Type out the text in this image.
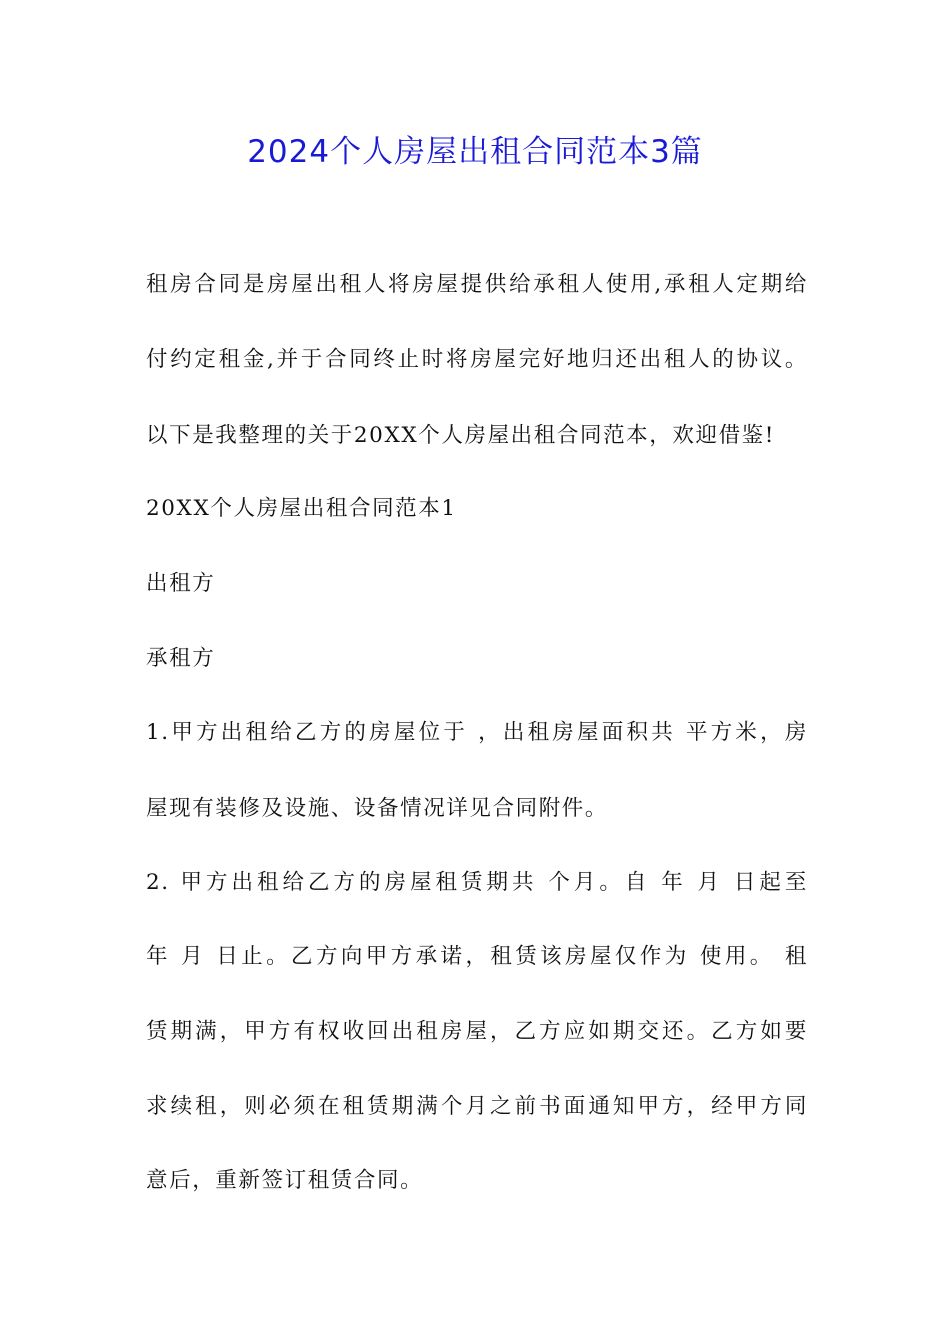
2024个人房屋出租合同范本3篇
租房合同是房屋出租人将房屋提供给承租人使用,承租人定期给
付约定租金,并于合同终止时将房屋完好地归还出租人的协议。
以下是我整理的关于20XX个人房屋出租合同范本，欢迎借鉴!
20XX个人房屋出租合同范本1
出租方
承租方
1.甲方出租给乙方的房屋位于 ，出租房屋面积共 平方米，房
屋现有装修及设施、设备情况详见合同附件。
2. 甲方出租给乙方的房屋租赁期共 个月。自 年 月 日起至
年 月 日止。乙方向甲方承诺，租赁该房屋仅作为 使用。 租
赁期满，甲方有权收回出租房屋，乙方应如期交还。乙方如要
求续租，则必须在租赁期满个月之前书面通知甲方，经甲方同
意后，重新签订租赁合同。
